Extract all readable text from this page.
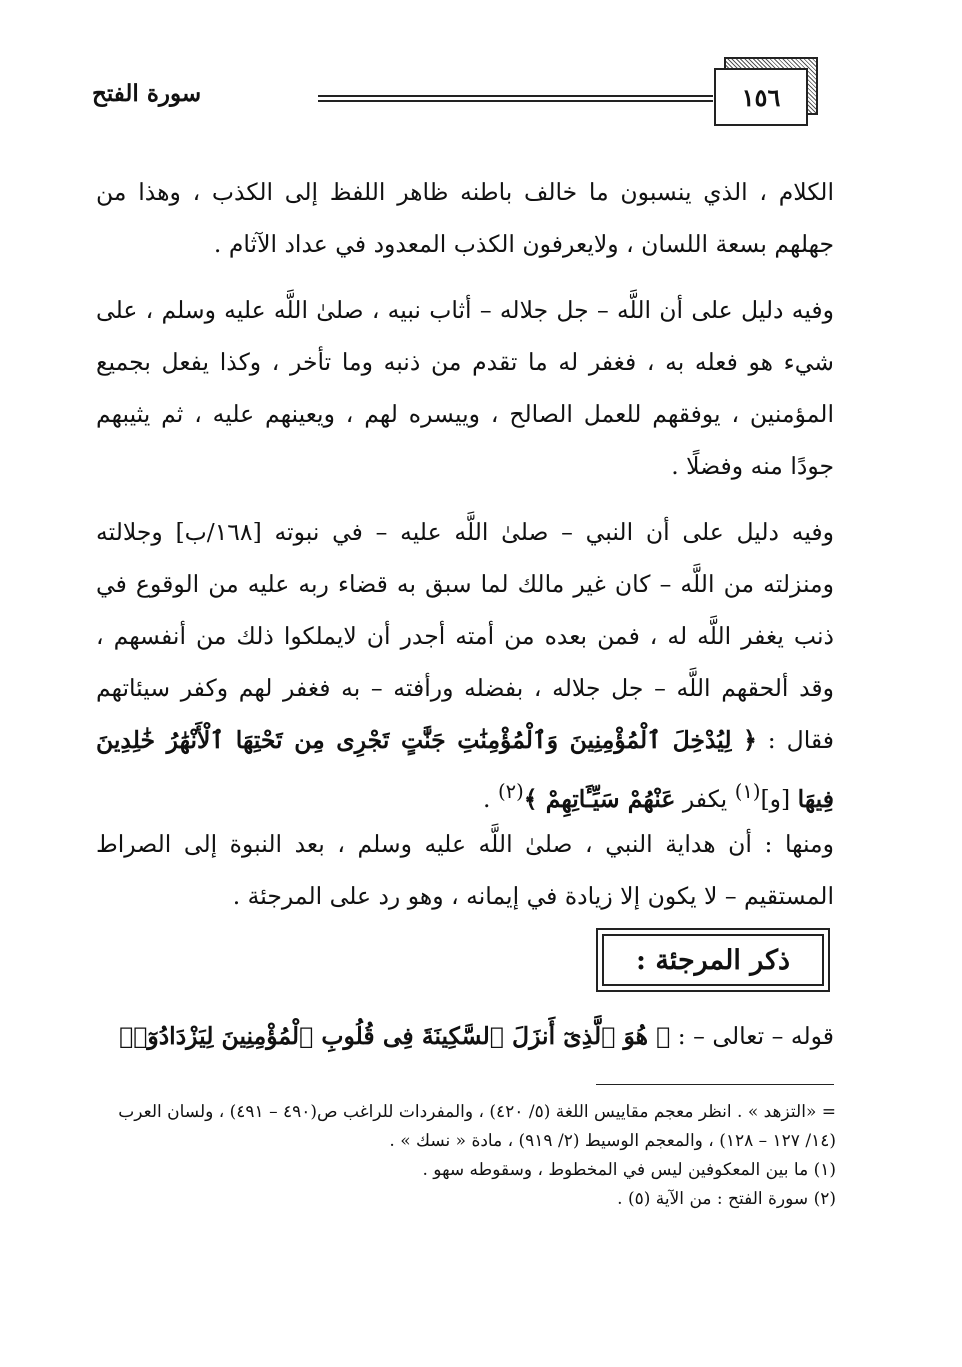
سورة الفتح	١٥٦

الكلام ، الذي ينسبون ما خالف باطنه ظاهر اللفظ إلى الكذب ، وهذا من جهلهم بسعة اللسان ، ولايعرفون الكذب المعدود في عداد الآثام .

وفيه دليل على أن اللَّه – جل جلاله – أثاب نبيه ، صلىٰ اللَّه عليه وسلم ، على شيء هو فعله به ، فغفر له ما تقدم من ذنبه وما تأخر ، وكذا يفعل بجميع المؤمنين ، يوفقهم للعمل الصالح ، وييسره لهم ، ويعينهم عليه ، ثم يثيبهم جودًا منه وفضلًا .

وفيه دليل على أن النبي – صلىٰ اللَّه عليه – في نبوته [١٦٨/ب] وجلالته ومنزلته من اللَّه – كان غير مالك لما سبق به قضاء ربه عليه من الوقوع في ذنب يغفر اللَّه له ، فمن بعده من أمته أجدر أن لايملكوا ذلك من أنفسهم ، وقد ألحقهم اللَّه – جل جلاله ، بفضله ورأفته – به فغفر لهم وكفر سيئاتهم فقال : ﴿ لِيُدْخِلَ ٱلْمُؤْمِنِينَ وَٱلْمُؤْمِنَٰتِ جَنَّٰتٍ تَجْرِى مِن تَحْتِهَا ٱلْأَنْهَٰرُ خَٰلِدِينَ فِيهَا [و]$^{(١)}$ يكفر عَنْهُمْ سَيِّـَٔاتِهِمْ ﴾$^{(٢)}$ .

ومنها : أن هداية النبي ، صلىٰ اللَّه عليه وسلم ، بعد النبوة إلى الصراط المستقيم – لا يكون إلا زيادة في إيمانه ، وهو رد على المرجئة .

ذكر المرجئة :

قوله – تعالى – : ﴿ هُوَ ٱلَّذِىٓ أَنزَلَ ٱلسَّكِينَةَ فِى قُلُوبِ ٱلْمُؤْمِنِينَ لِيَزْدَادُوٓا۟

= «التزهد » . انظر معجم مقاييس اللغة (٥/ ٤٢٠) ، والمفردات للراغب ص(٤٩٠ – ٤٩١) ، ولسان العرب (١٤/ ١٢٧ – ١٢٨) ، والمعجم الوسيط (٢/ ٩١٩) ، مادة « نسك » .

(١) ما بين المعكوفين ليس في المخطوط ، وسقوطه سهو .

(٢) سورة الفتح : من الآية (٥) .
